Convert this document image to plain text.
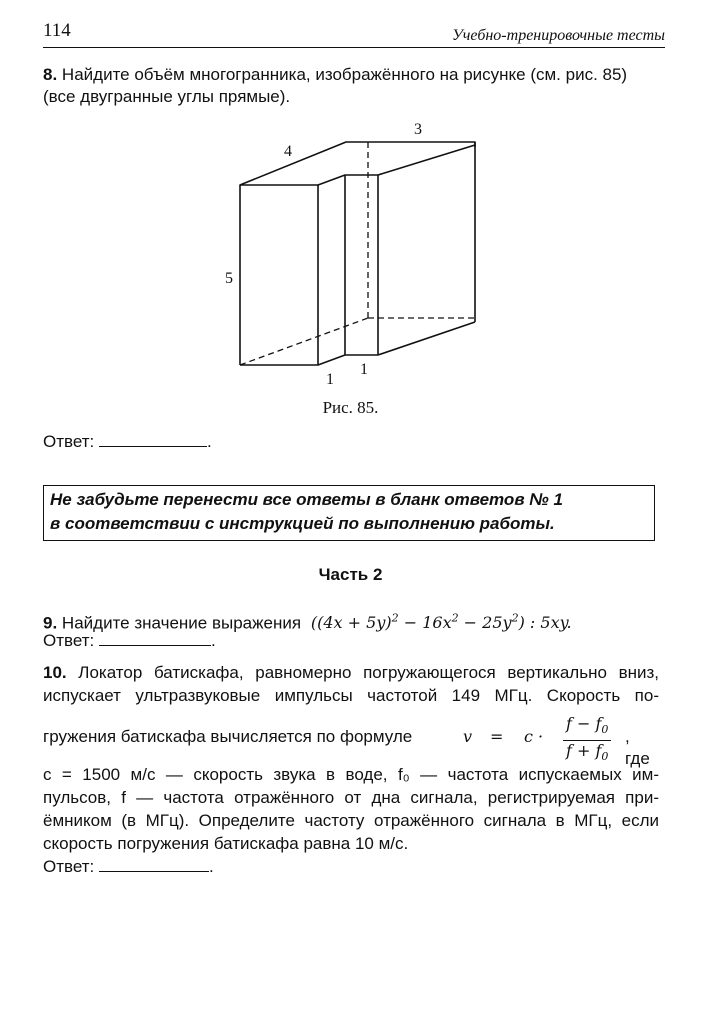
114	Учебно-тренировочные тесты
8. Найдите объём многогранника, изображённого на рисунке (см. рис. 85)
(все двугранные углы прямые).
4
3
5
1
1
Рис. 85.
Ответ:	.
Не забудьте перенести все ответы в бланк ответов № 1
в соответствии с инструкцией по выполнению работы.
Часть 2
9. Найдите значение выражения $((4x + 5y)^2 - 16x^2 - 25y^2)$ : 5xy.
Ответ:	.
10. Локатор батискафа, равномерно погружающегося вертикально вниз,
испускает ультразвуковые импульсы частотой 149 МГц. Скорость по-
гружения батискафа вычисляется по формуле	$v = c \cdot \frac{f - f_0}{f + f_0}$ , где
c = 1500 м/с — скорость звука в воде, f₀ — частота испускаемых им-
пульсов, f — частота отражённого от дна сигнала, регистрируемая при-
ёмником (в МГц). Определите частоту отражённого сигнала в МГц, если
скорость погружения батискафа равна 10 м/с.
Ответ:	.
